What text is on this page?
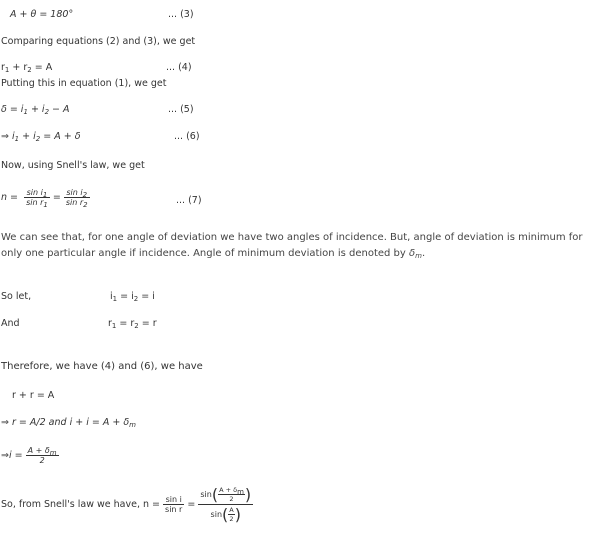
A + θ = 180°	... (3)
Comparing equations (2) and (3), we get
$r_1 + r_2 = A$	... (4)
Putting this in equation (1), we get
$\delta = i_1 + i_2 - A$	... (5)
⇒ $i_1 + i_2 = A + \delta$	... (6)
Now, using Snell's law, we get
n =
$\frac{\sin i_1}{\sin r_1}$
=
$\frac{\sin i_2}{\sin r_2}$	... (7)
We can see that, for one angle of deviation we have two angles of incidence. But, angle of deviation is minimum for only one particular angle if incidence. Angle of minimum deviation is denoted by $\delta_m$.
So let,	$i_1 = i_2 = i$
And	$r_1 = r_2 = r$
Therefore, we have (4) and (6), we have
r + r = A
⇒ r = A/2 and $i + i = A + \delta_m$
⇒ i =
$\frac{A + \delta_m}{2}$
So, from Snell's law we have, n =
$\frac{\text{sin i}}{\text{sin r}}$
=
$\frac{\sin ( \frac{A + \delta_m}{2} )}{\sin ( \frac{A}{2} )}$
